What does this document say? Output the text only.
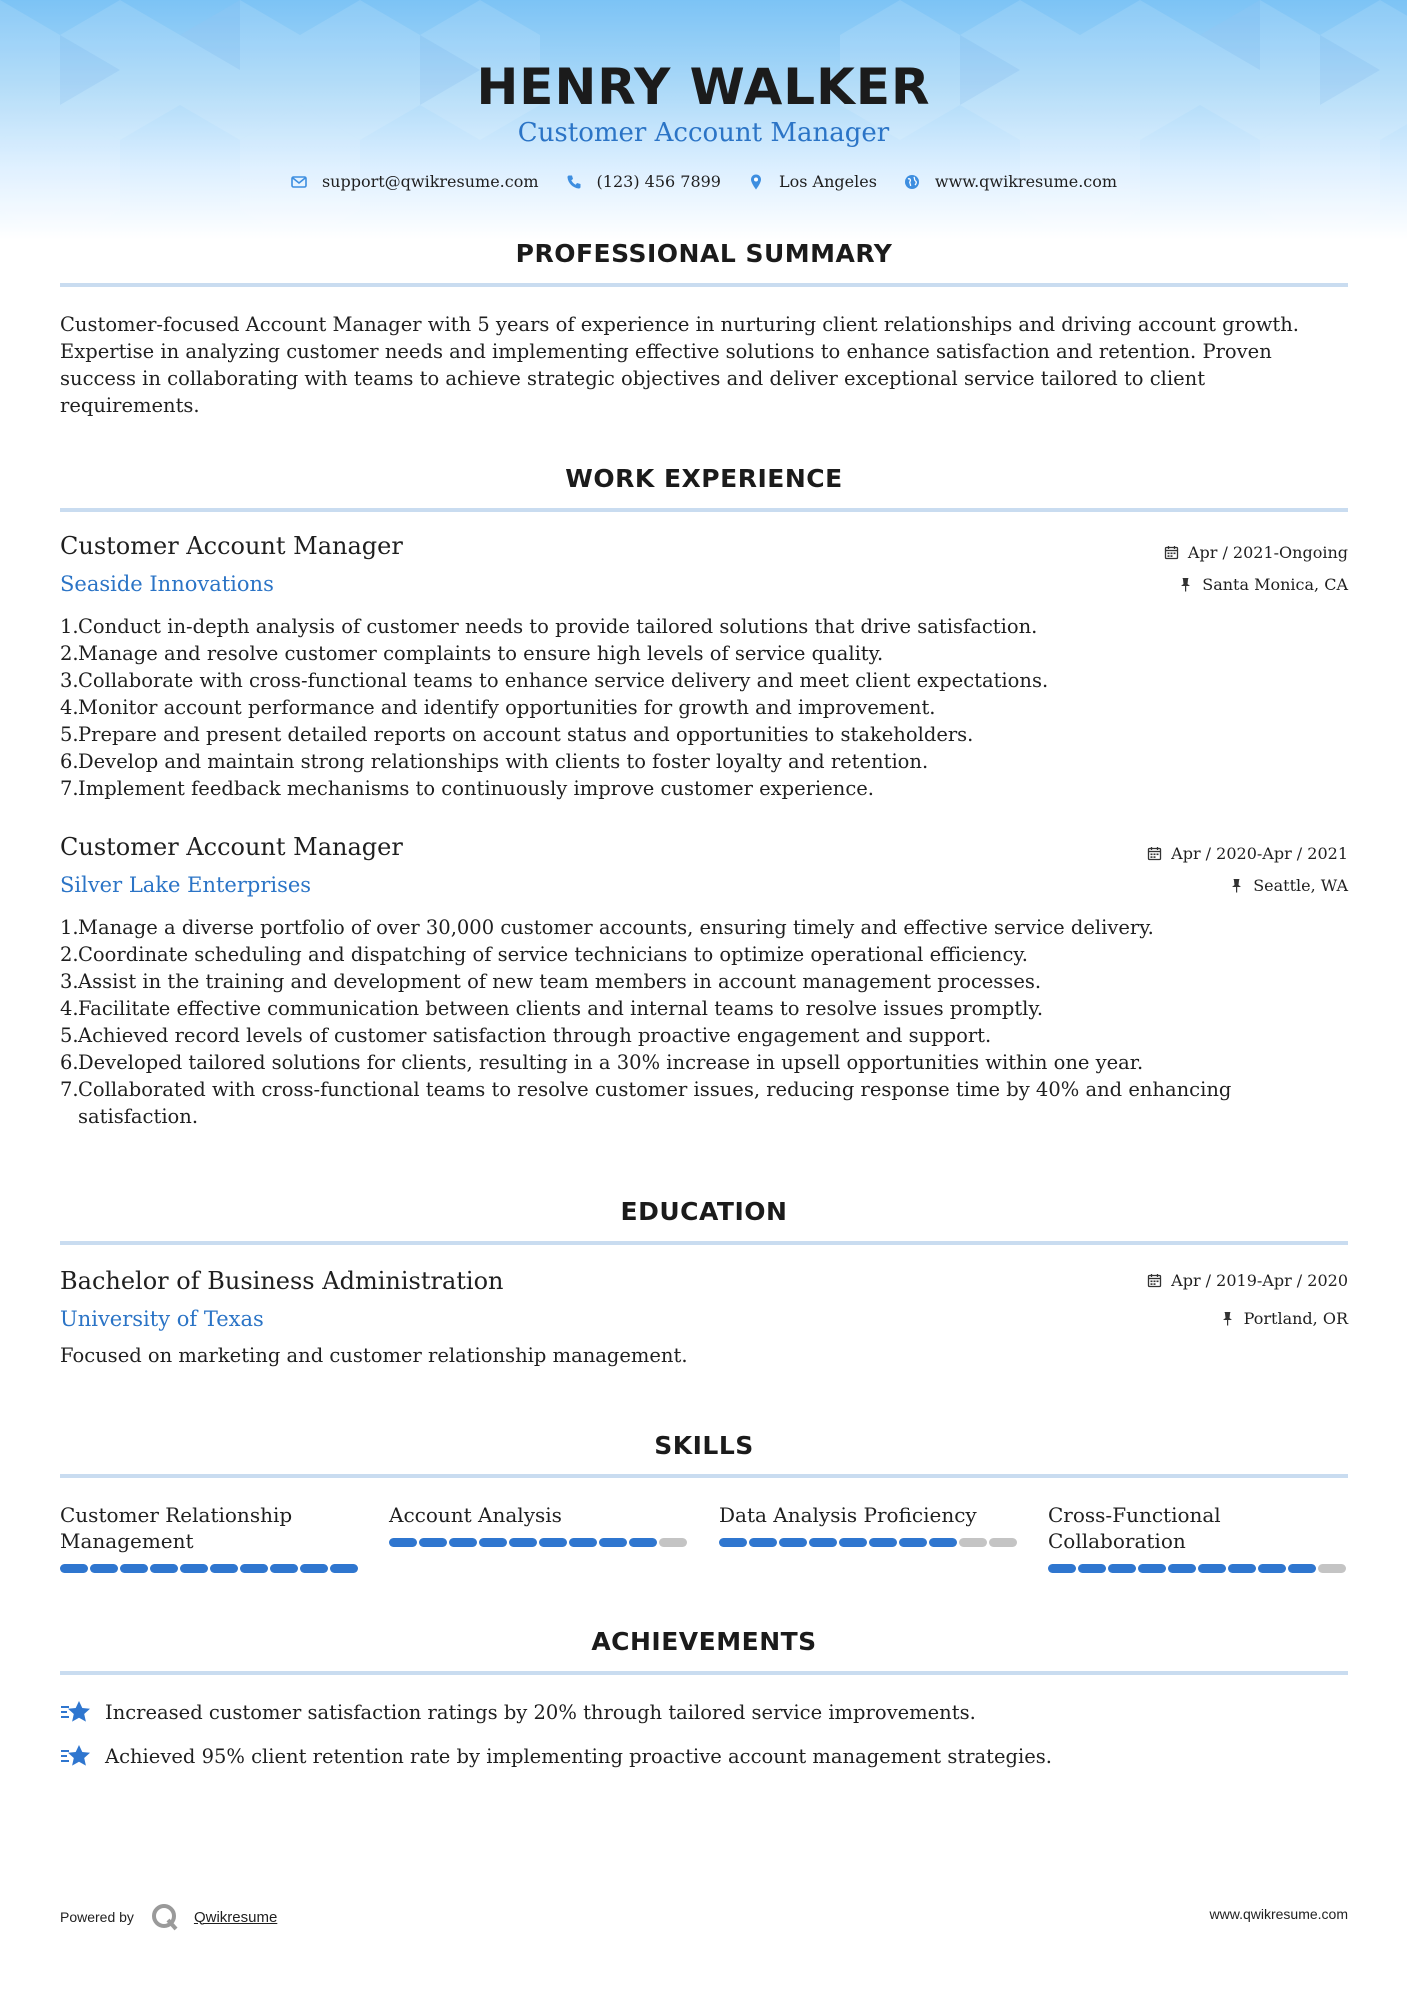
HENRY WALKER
Customer Account Manager
support@qwikresume.com	(123) 456 7899	Los Angeles	www.qwikresume.com
PROFESSIONAL SUMMARY
Customer-focused Account Manager with 5 years of experience in nurturing client relationships and driving account growth. Expertise in analyzing customer needs and implementing effective solutions to enhance satisfaction and retention. Proven success in collaborating with teams to achieve strategic objectives and deliver exceptional service tailored to client requirements.
WORK EXPERIENCE
Customer Account Manager
Seaside Innovations
Apr / 2021-Ongoing
Santa Monica, CA
1. Conduct in-depth analysis of customer needs to provide tailored solutions that drive satisfaction.
2. Manage and resolve customer complaints to ensure high levels of service quality.
3. Collaborate with cross-functional teams to enhance service delivery and meet client expectations.
4. Monitor account performance and identify opportunities for growth and improvement.
5. Prepare and present detailed reports on account status and opportunities to stakeholders.
6. Develop and maintain strong relationships with clients to foster loyalty and retention.
7. Implement feedback mechanisms to continuously improve customer experience.
Customer Account Manager
Silver Lake Enterprises
Apr / 2020-Apr / 2021
Seattle, WA
1. Manage a diverse portfolio of over 30,000 customer accounts, ensuring timely and effective service delivery.
2. Coordinate scheduling and dispatching of service technicians to optimize operational efficiency.
3. Assist in the training and development of new team members in account management processes.
4. Facilitate effective communication between clients and internal teams to resolve issues promptly.
5. Achieved record levels of customer satisfaction through proactive engagement and support.
6. Developed tailored solutions for clients, resulting in a 30% increase in upsell opportunities within one year.
7. Collaborated with cross-functional teams to resolve customer issues, reducing response time by 40% and enhancing satisfaction.
EDUCATION
Bachelor of Business Administration
University of Texas
Apr / 2019-Apr / 2020
Portland, OR
Focused on marketing and customer relationship management.
SKILLS
Customer Relationship Management
Account Analysis	Data Analysis Proficiency	Cross-Functional Collaboration
ACHIEVEMENTS
Increased customer satisfaction ratings by 20% through tailored service improvements.
Achieved 95% client retention rate by implementing proactive account management strategies.
Powered by	Qwikresume	www.qwikresume.com
